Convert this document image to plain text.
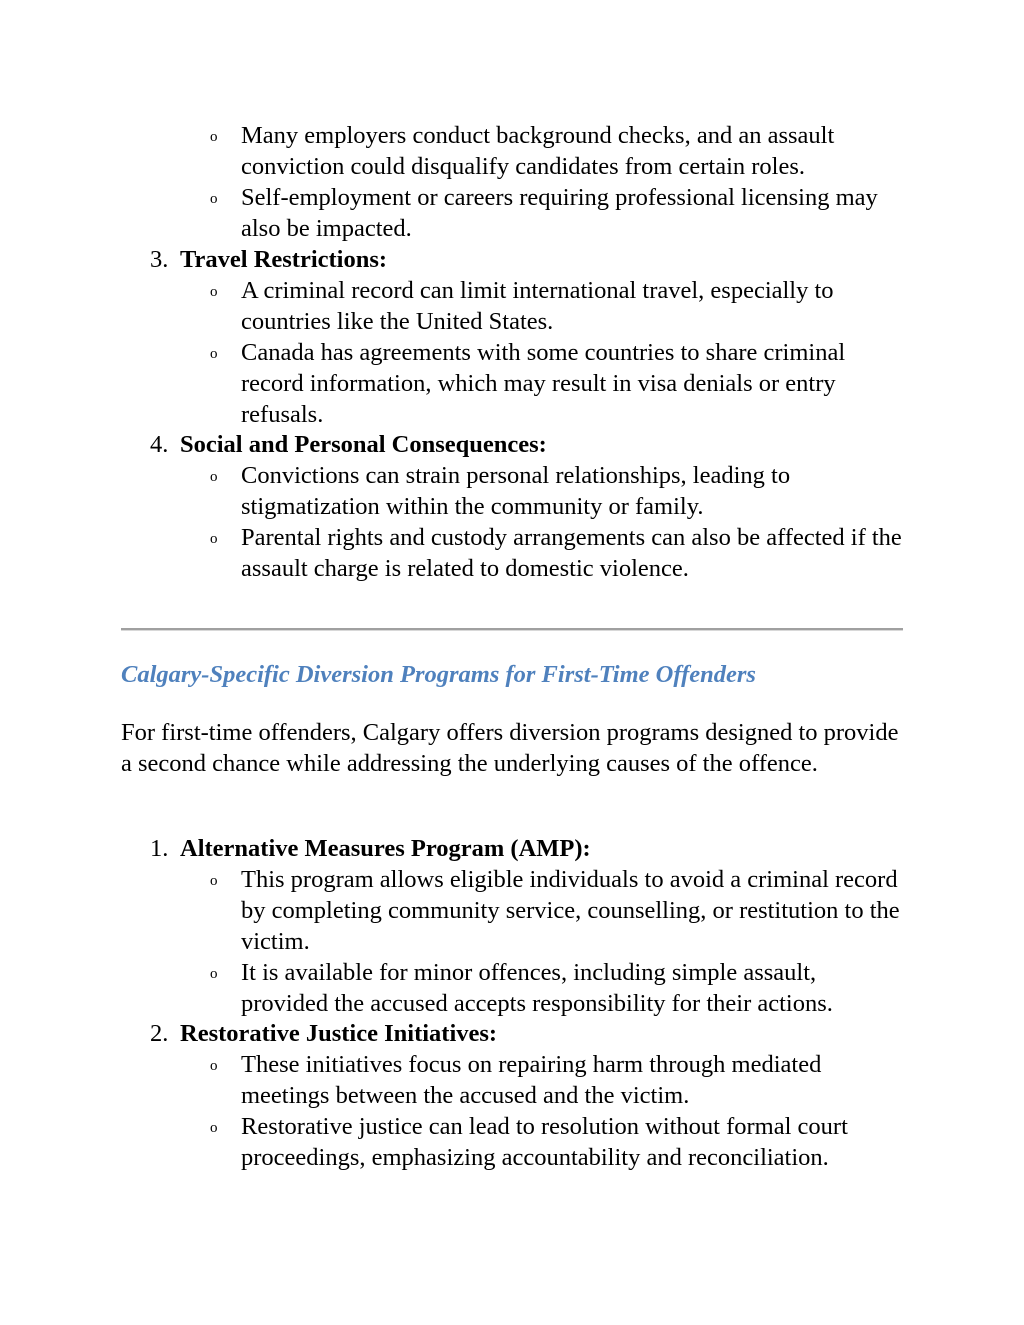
o Many employers conduct background checks, and an assault conviction could disqualify candidates from certain roles.
o Self-employment or careers requiring professional licensing may also be impacted.
3. Travel Restrictions:
o A criminal record can limit international travel, especially to countries like the United States.
o Canada has agreements with some countries to share criminal record information, which may result in visa denials or entry refusals.
4. Social and Personal Consequences:
o Convictions can strain personal relationships, leading to stigmatization within the community or family.
o Parental rights and custody arrangements can also be affected if the assault charge is related to domestic violence.
Calgary-Specific Diversion Programs for First-Time Offenders

For first-time offenders, Calgary offers diversion programs designed to provide a second chance while addressing the underlying causes of the offence.

1. Alternative Measures Program (AMP):
o This program allows eligible individuals to avoid a criminal record by completing community service, counselling, or restitution to the victim.
o It is available for minor offences, including simple assault, provided the accused accepts responsibility for their actions.
2. Restorative Justice Initiatives:
o These initiatives focus on repairing harm through mediated meetings between the accused and the victim.
o Restorative justice can lead to resolution without formal court proceedings, emphasizing accountability and reconciliation.
